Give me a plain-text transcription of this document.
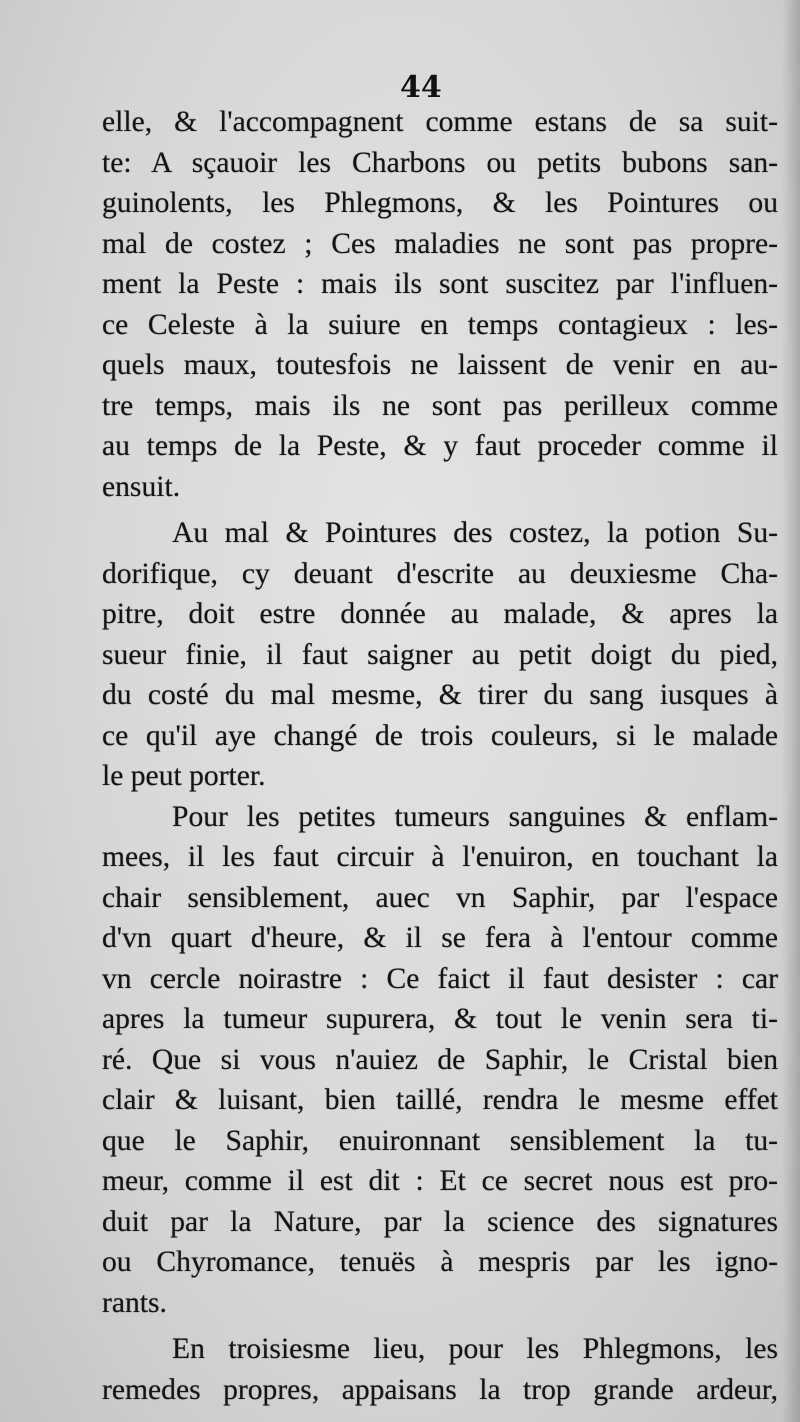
44
elle, & l'accompagnent comme estans de sa suit-
te: A sçauoir les Charbons ou petits bubons san-
guinolents, les Phlegmons, & les Pointures ou
mal de costez ; Ces maladies ne sont pas propre-
ment la Peste : mais ils sont suscitez par l'influen-
ce Celeste à la suiure en temps contagieux : les-
quels maux, toutesfois ne laissent de venir en au-
tre temps, mais ils ne sont pas perilleux comme
au temps de la Peste, & y faut proceder comme il
ensuit.
Au mal & Pointures des costez, la potion Su-
dorifique, cy deuant d'escrite au deuxiesme Cha-
pitre, doit estre donnée au malade, & apres la
sueur finie, il faut saigner au petit doigt du pied,
du costé du mal mesme, & tirer du sang iusques à
ce qu'il aye changé de trois couleurs, si le malade
le peut porter.
Pour les petites tumeurs sanguines & enflam-
mees, il les faut circuir à l'enuiron, en touchant la
chair sensiblement, auec vn Saphir, par l'espace
d'vn quart d'heure, & il se fera à l'entour comme
vn cercle noirastre : Ce faict il faut desister : car
apres la tumeur supurera, & tout le venin sera ti-
ré. Que si vous n'auiez de Saphir, le Cristal bien
clair & luisant, bien taillé, rendra le mesme effet
que le Saphir, enuironnant sensiblement la tu-
meur, comme il est dit : Et ce secret nous est pro-
duit par la Nature, par la science des signatures
ou Chyromance, tenuës à mespris par les igno-
rants.
En troisiesme lieu, pour les Phlegmons, les
remedes propres, appaisans la trop grande ardeur,
